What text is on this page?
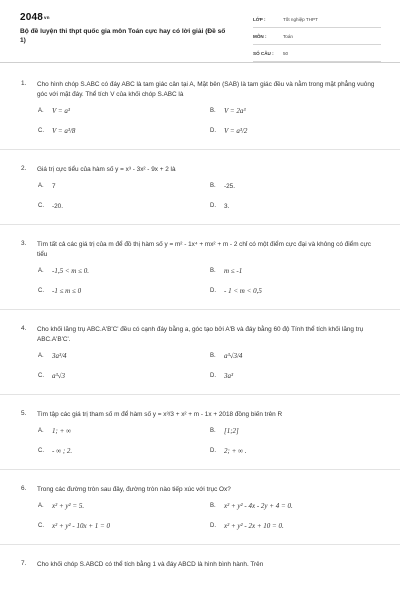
2048vn
Bộ đề luyện thi thpt quốc gia môn Toán cực hay có lời giải (Đề số 1)
LỚP :	Tốt nghiệp THPT
MÔN :	Toán
SỐ CÂU : 50
1. Cho hình chóp S.ABC có đáy ABC là tam giác cân tại A, Mặt bên (SAB) là tam giác đều và nằm trong mặt phẳng vuông góc với mặt đáy. Thể tích V của khối chóp S.ABC là
A. V = a³	B. V = 2a³
C. V = a³/8	D. V = a³/2
2. Giá trị cực tiểu của hàm số y = x³ - 3x² - 9x + 2 là
A. 7	B. -25.
C. -20.	D. 3.
3. Tìm tất cả các giá trị của m để đồ thị hàm số y = m² - 1x⁴ + mx² + m - 2 chỉ có một điểm cực đại và không có điểm cực tiểu
A. -1,5 < m ≤ 0.	B. m ≤ -1
C. -1 ≤ m ≤ 0	D. - 1 < m < 0,5
4. Cho khối lăng trụ ABC.A'B'C' đều có cạnh đáy bằng a, góc tạo bởi A'B và đáy bằng 60 độ Tính thể tích khối lăng trụ ABC.A'B'C'.
A. 3a³/4	B. a³√3/4
C. a³√3	D. 3a³
5. Tìm tập các giá trị tham số m để hàm số y = x³/3 + x² + m - 1x + 2018 đồng biến trên R
A. 1; + ∞	B. [1;2]
C. - ∞ ; 2.	D. 2; + ∞ .
6. Trong các đường tròn sau đây, đường tròn nào tiếp xúc với trục Ox?
A. x² + y² = 5.	B. x² + y² - 4x - 2y + 4 = 0.
C. x² + y² - 10x + 1 = 0	D. x² + y² - 2x + 10 = 0.
7. Cho khối chóp S.ABCD có thể tích bằng 1 và đáy ABCD là hình bình hành. Trên
